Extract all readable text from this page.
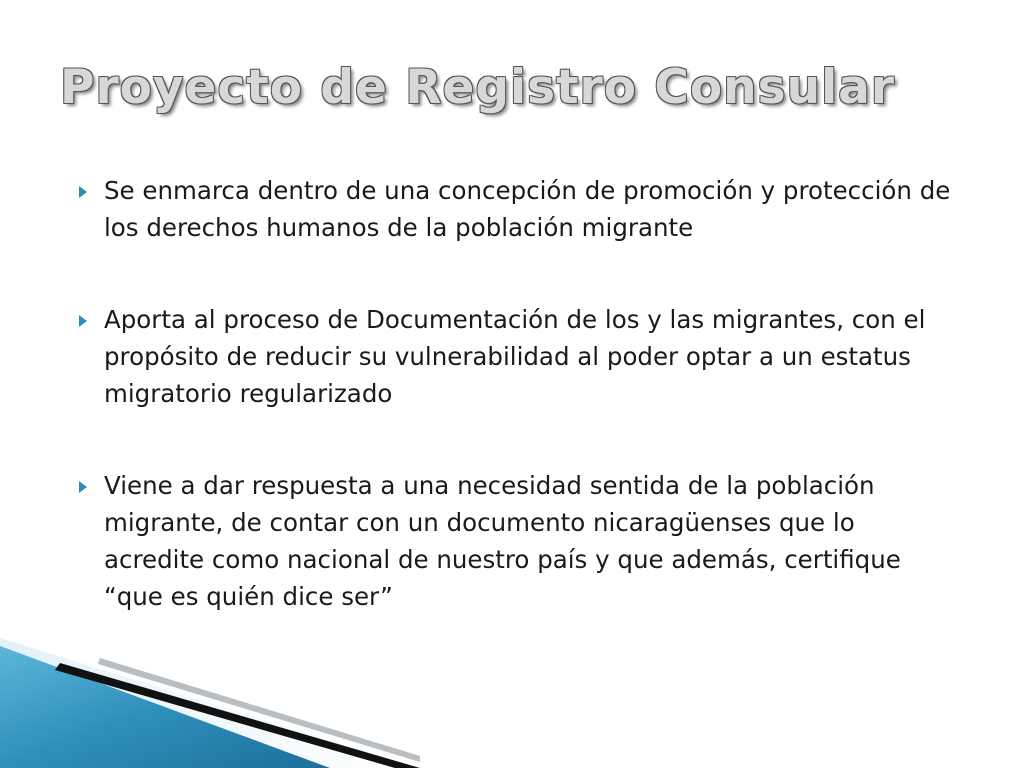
Proyecto de Registro Consular
Se enmarca dentro de una concepción de promoción y protección de los derechos humanos de la población migrante
Aporta al proceso de Documentación de los y las migrantes, con el propósito de reducir su vulnerabilidad al poder optar a un estatus migratorio regularizado
Viene a dar respuesta a una necesidad sentida de la población migrante, de contar con un documento nicaragüenses que lo acredite como nacional de nuestro país y que además, certifique “que es quién dice ser”
